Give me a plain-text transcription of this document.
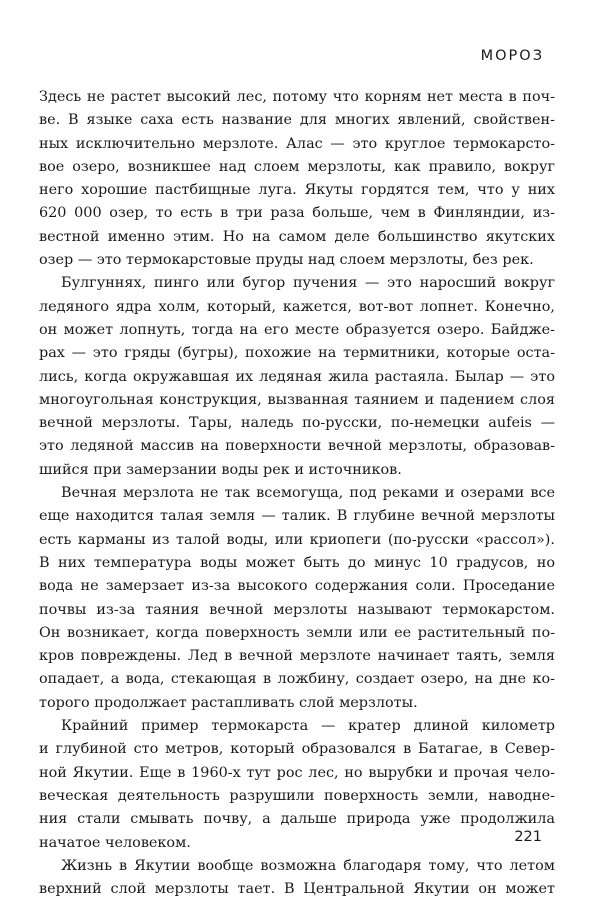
МОРОЗ
Здесь не растет высокий лес, потому что корням нет места в поч-
ве. В языке саха есть название для многих явлений, свойствен-
ных исключительно мерзлоте. Алас — это круглое термокарсто-
вое озеро, возникшее над слоем мерзлоты, как правило, вокруг
него хорошие пастбищные луга. Якуты гордятся тем, что у них
620 000 озер, то есть в три раза больше, чем в Финляндии, из-
вестной именно этим. Но на самом деле большинство якутских
озер — это термокарстовые пруды над слоем мерзлоты, без рек.
Булгуннях, пинго или бугор пучения — это наросший вокруг
ледяного ядра холм, который, кажется, вот-вот лопнет. Конечно,
он может лопнуть, тогда на его месте образуется озеро. Байдже-
рах — это гряды (бугры), похожие на термитники, которые оста-
лись, когда окружавшая их ледяная жила растаяла. Былар — это
многоугольная конструкция, вызванная таянием и падением слоя
вечной мерзлоты. Тары, наледь по-русски, по-немецки aufeis —
это ледяной массив на поверхности вечной мерзлоты, образовав-
шийся при замерзании воды рек и источников.
Вечная мерзлота не так всемогуща, под реками и озерами все
еще находится талая земля — талик. В глубине вечной мерзлоты
есть карманы из талой воды, или криопеги (по-русски «рассол»).
В них температура воды может быть до минус 10 градусов, но
вода не замерзает из-за высокого содержания соли. Проседание
почвы из-за таяния вечной мерзлоты называют термокарстом.
Он возникает, когда поверхность земли или ее растительный по-
кров повреждены. Лед в вечной мерзлоте начинает таять, земля
опадает, а вода, стекающая в ложбину, создает озеро, на дне ко-
торого продолжает растапливать слой мерзлоты.
Крайний пример термокарста — кратер длиной километр
и глубиной сто метров, который образовался в Батагае, в Север-
ной Якутии. Еще в 1960-х тут рос лес, но вырубки и прочая чело-
веческая деятельность разрушили поверхность земли, наводне-
ния стали смывать почву, а дальше природа уже продолжила
начатое человеком.
Жизнь в Якутии вообще возможна благодаря тому, что летом
верхний слой мерзлоты тает. В Центральной Якутии он может
221
